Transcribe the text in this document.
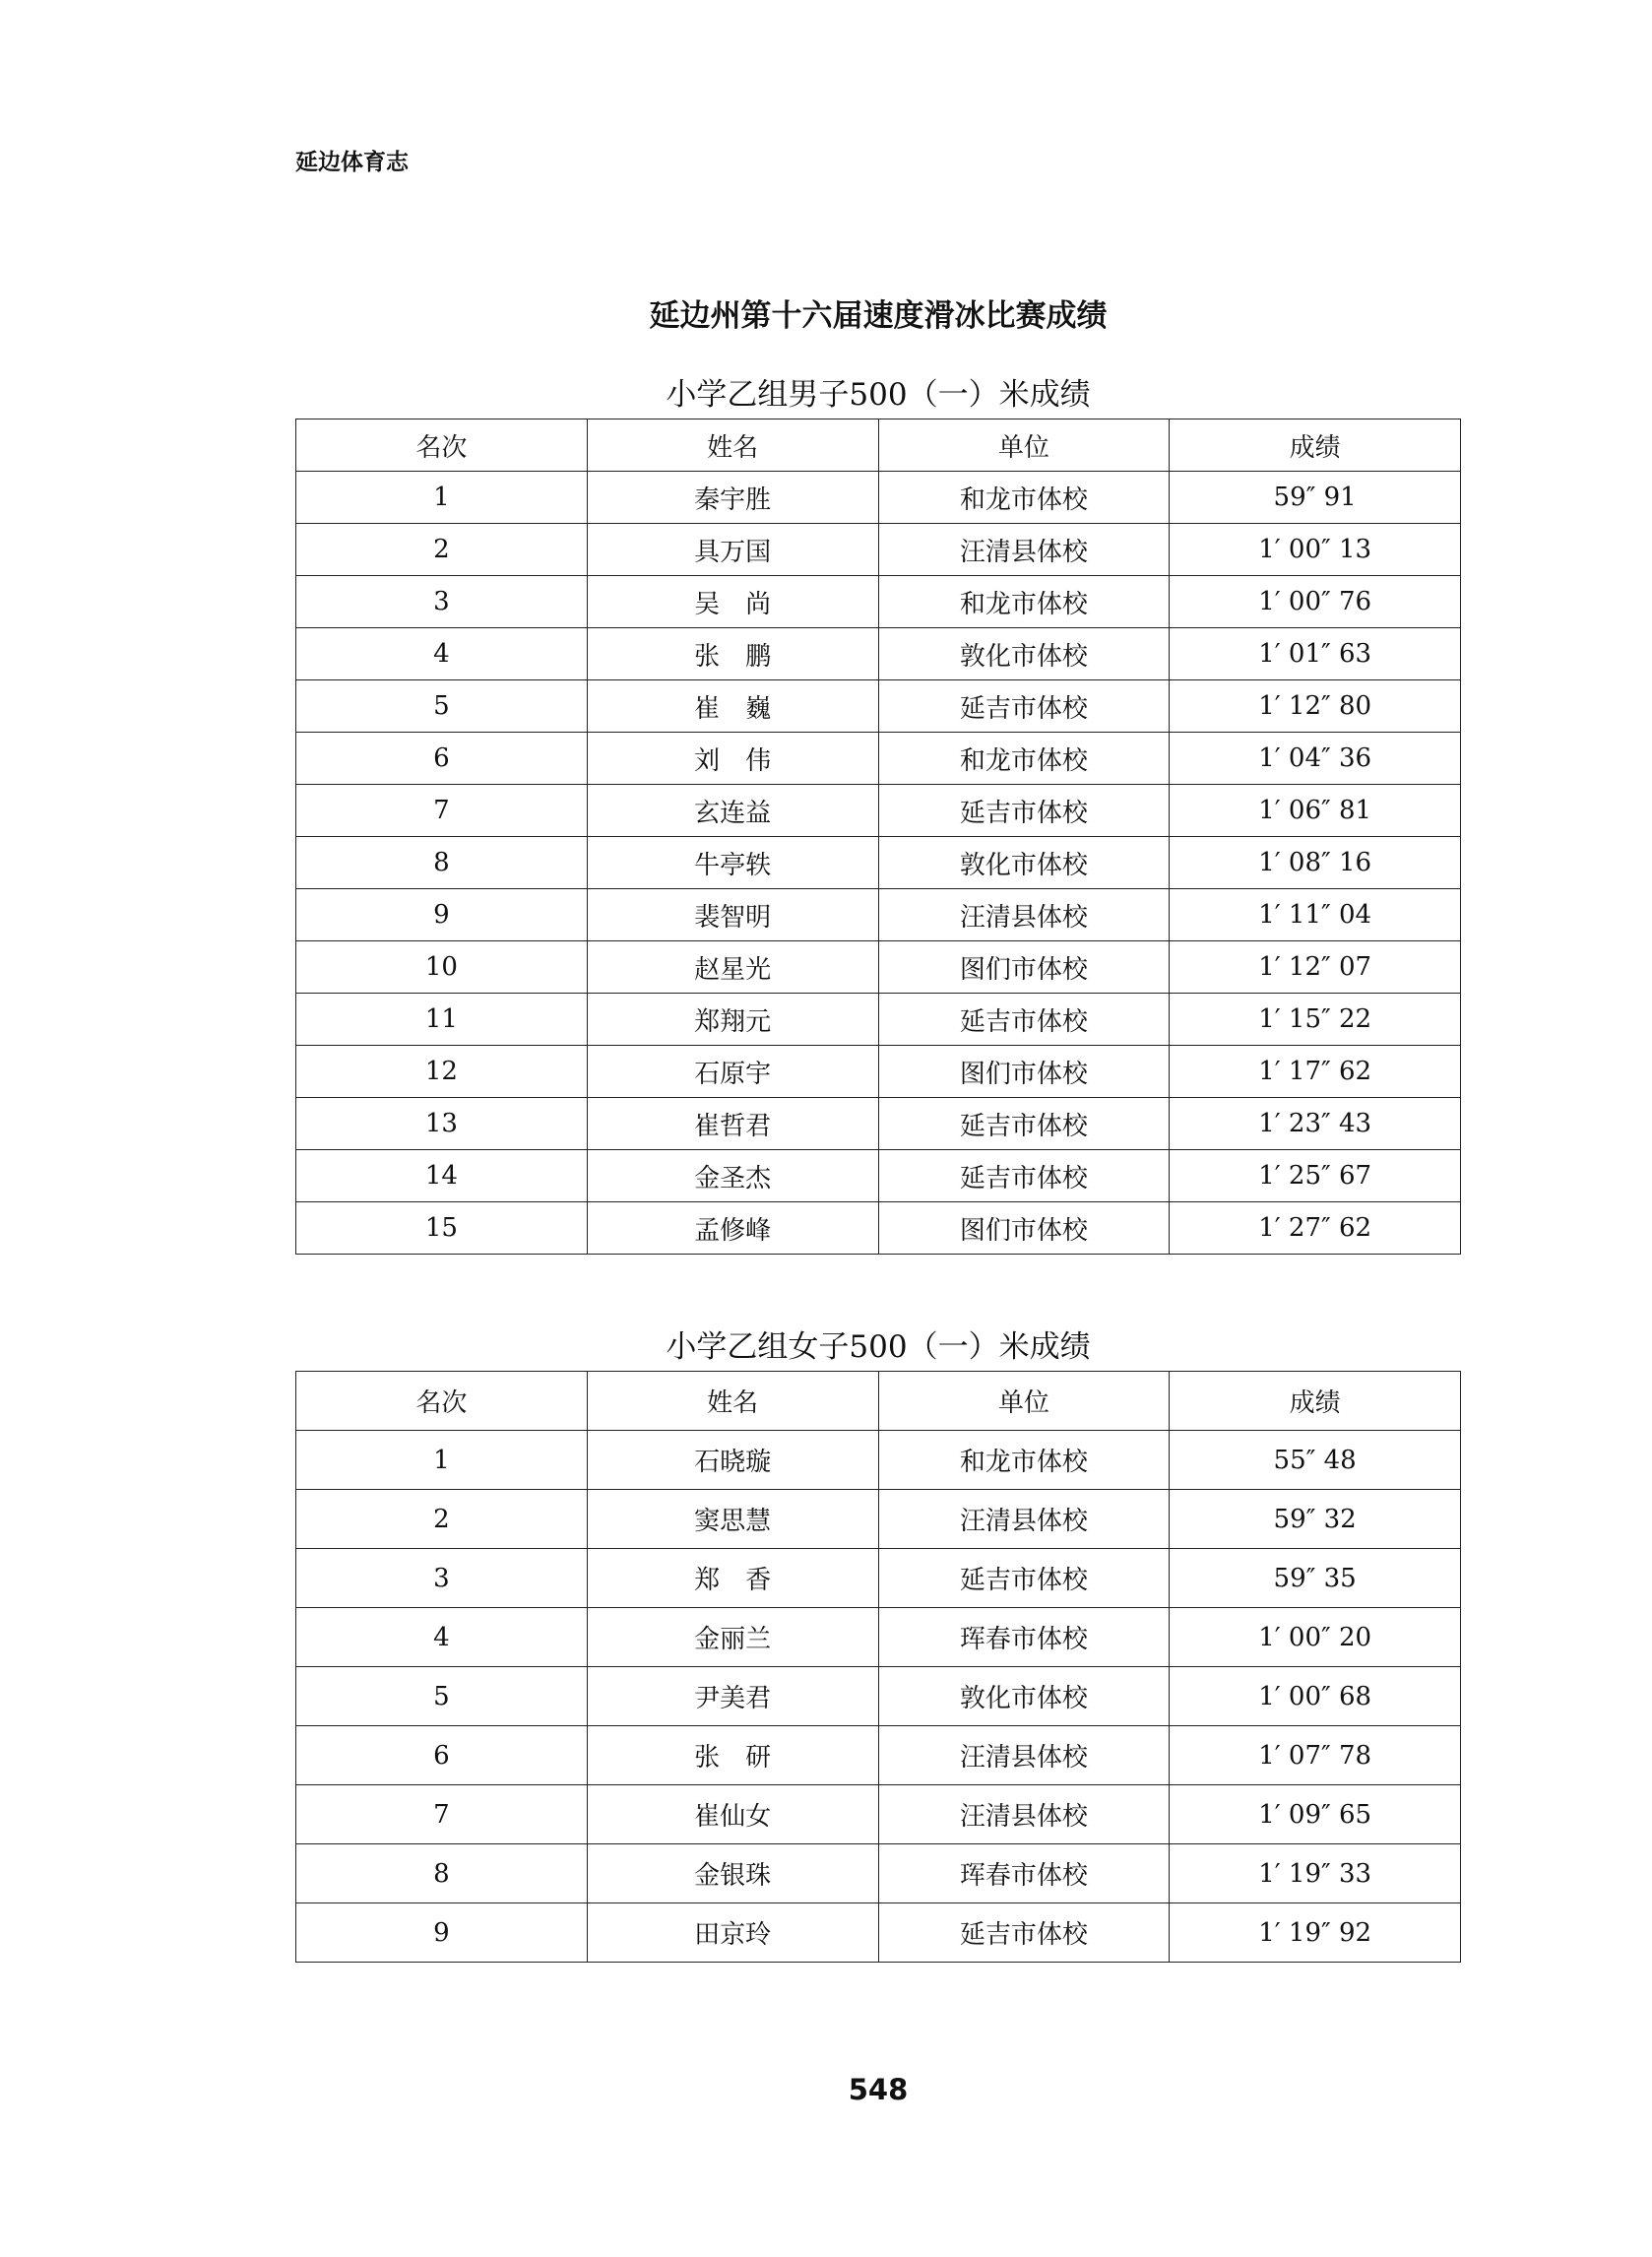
延边体育志
延边州第十六届速度滑冰比赛成绩
小学乙组男子500（一）米成绩
名次	姓名	单位	成绩
1	秦宇胜	和龙市体校	59″ 91
2	具万国	汪清县体校	1′ 00″ 13
3	吴　尚	和龙市体校	1′ 00″ 76
4	张　鹏	敦化市体校	1′ 01″ 63
5	崔　巍	延吉市体校	1′ 12″ 80
6	刘　伟	和龙市体校	1′ 04″ 36
7	玄连益	延吉市体校	1′ 06″ 81
8	牛亭轶	敦化市体校	1′ 08″ 16
9	裴智明	汪清县体校	1′ 11″ 04
10	赵星光	图们市体校	1′ 12″ 07
11	郑翔元	延吉市体校	1′ 15″ 22
12	石原宇	图们市体校	1′ 17″ 62
13	崔哲君	延吉市体校	1′ 23″ 43
14	金圣杰	延吉市体校	1′ 25″ 67
15	孟修峰	图们市体校	1′ 27″ 62
小学乙组女子500（一）米成绩
名次	姓名	单位	成绩
1	石晓璇	和龙市体校	55″ 48
2	窦思慧	汪清县体校	59″ 32
3	郑　香	延吉市体校	59″ 35
4	金丽兰	珲春市体校	1′ 00″ 20
5	尹美君	敦化市体校	1′ 00″ 68
6	张　研	汪清县体校	1′ 07″ 78
7	崔仙女	汪清县体校	1′ 09″ 65
8	金银珠	珲春市体校	1′ 19″ 33
9	田京玲	延吉市体校	1′ 19″ 92
548
